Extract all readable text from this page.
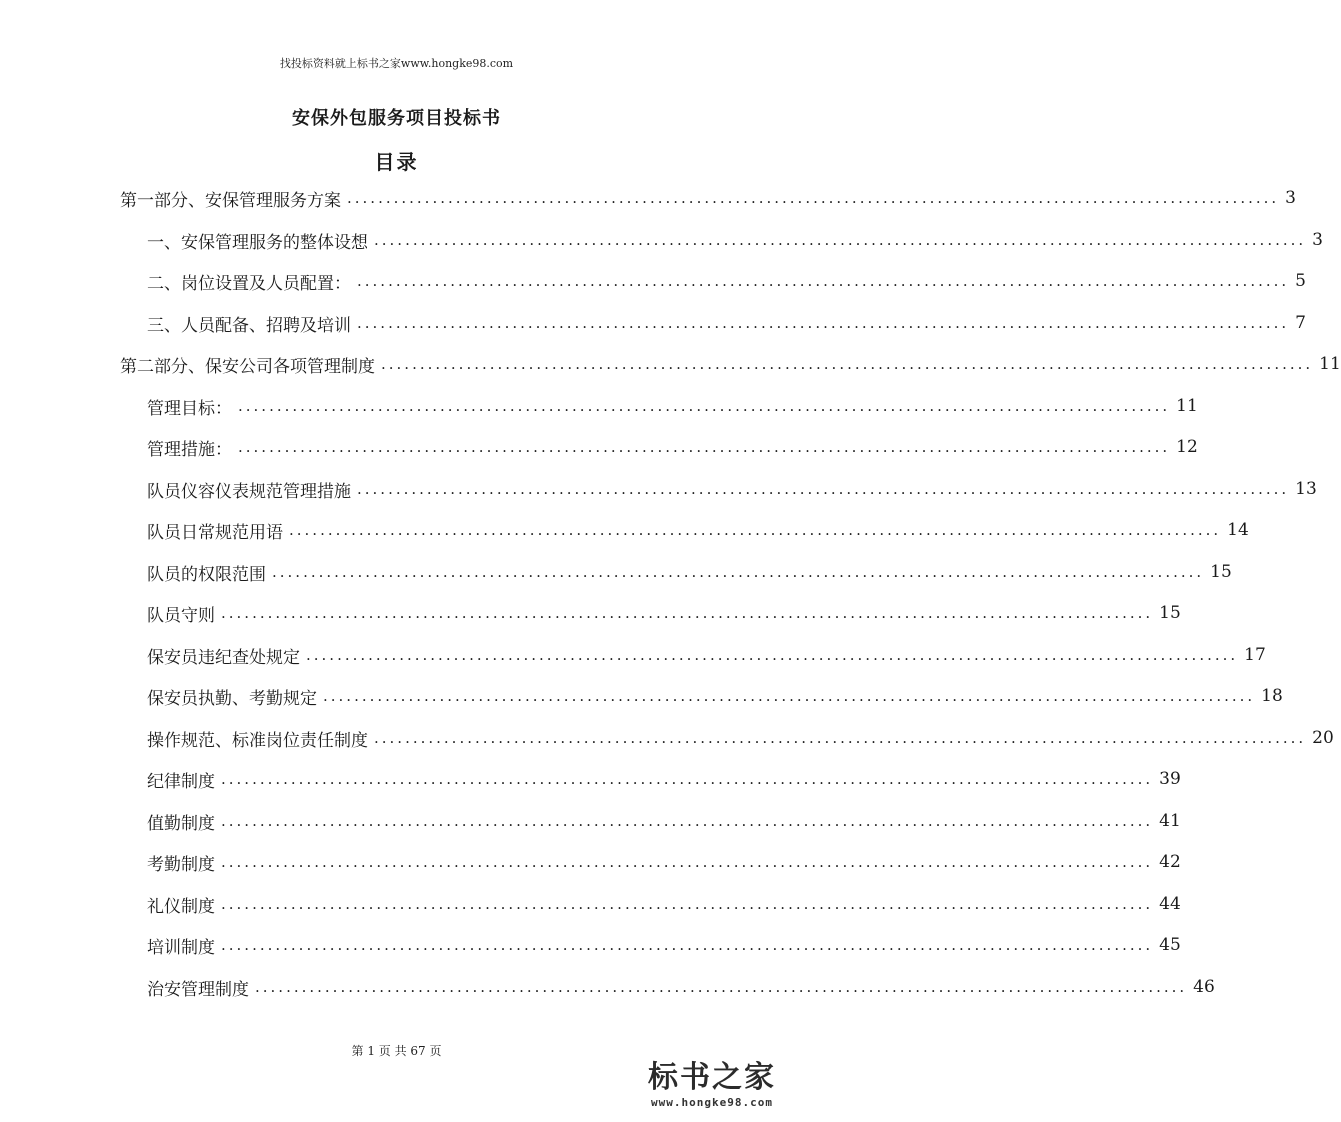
找投标资料就上标书之家www.hongke98.com
安保外包服务项目投标书
目录
第一部分、安保管理服务方案 ........................................................................................................................ 3
一、安保管理服务的整体设想 ........................................................................................................................ 3
二、岗位设置及人员配置： ........................................................................................................................ 5
三、人员配备、招聘及培训 ........................................................................................................................ 7
第二部分、保安公司各项管理制度 ........................................................................................................................ 11
管理目标： ........................................................................................................................ 11
管理措施： ........................................................................................................................ 12
队员仪容仪表规范管理措施 ........................................................................................................................ 13
队员日常规范用语 ........................................................................................................................ 14
队员的权限范围 ........................................................................................................................ 15
队员守则 ........................................................................................................................ 15
保安员违纪查处规定 ........................................................................................................................ 17
保安员执勤、考勤规定 ........................................................................................................................ 18
操作规范、标准岗位责任制度 ........................................................................................................................ 20
纪律制度 ........................................................................................................................ 39
值勤制度 ........................................................................................................................ 41
考勤制度 ........................................................................................................................ 42
礼仪制度 ........................................................................................................................ 44
培训制度 ........................................................................................................................ 45
治安管理制度 ........................................................................................................................ 46
第 1 页 共 67 页
标书之家
www.hongke98.com
